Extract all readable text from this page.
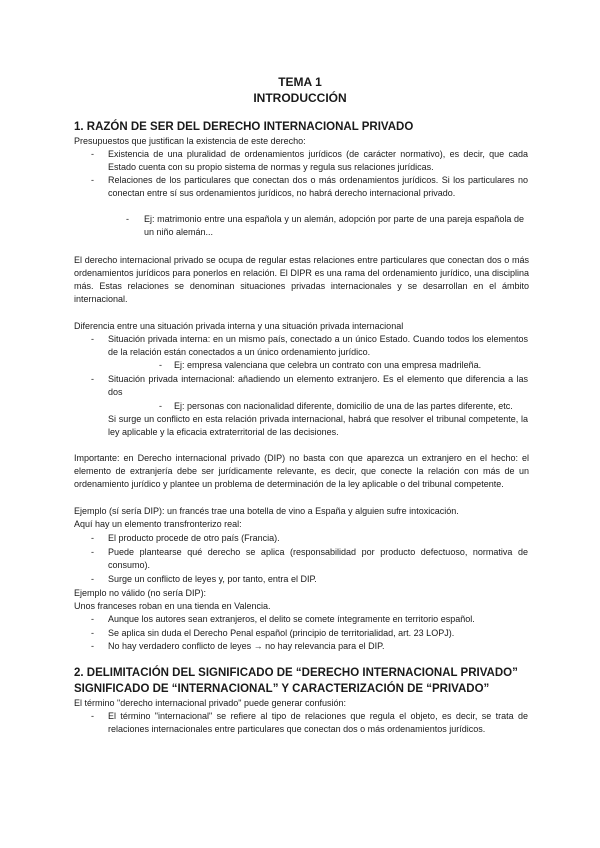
TEMA 1
INTRODUCCIÓN
1. RAZÓN DE SER DEL DERECHO INTERNACIONAL PRIVADO
Presupuestos que justifican la existencia de este derecho:
- Existencia de una pluralidad de ordenamientos jurídicos (de carácter normativo), es decir, que cada Estado cuenta con su propio sistema de normas y regula sus relaciones jurídicas.
- Relaciones de los particulares que conectan dos o más ordenamientos jurídicos. Si los particulares no conectan entre sí sus ordenamientos jurídicos, no habrá derecho internacional privado.
- Ej: matrimonio entre una española y un alemán, adopción por parte de una pareja española de un niño alemán...
El derecho internacional privado se ocupa de regular estas relaciones entre particulares que conectan dos o más ordenamientos jurídicos para ponerlos en relación. El DIPR es una rama del ordenamiento jurídico, una disciplina más. Estas relaciones se denominan situaciones privadas internacionales y se desarrollan en el ámbito internacional.
Diferencia entre una situación privada interna y una situación privada internacional
- Situación privada interna: en un mismo país, conectado a un único Estado. Cuando todos los elementos de la relación están conectados a un único ordenamiento jurídico.
- Ej: empresa valenciana que celebra un contrato con una empresa madrileña.
- Situación privada internacional: añadiendo un elemento extranjero. Es el elemento que diferencia a las dos
- Ej: personas con nacionalidad diferente, domicilio de una de las partes diferente, etc.
Si surge un conflicto en esta relación privada internacional, habrá que resolver el tribunal competente, la ley aplicable y la eficacia extraterritorial de las decisiones.
Importante: en Derecho internacional privado (DIP) no basta con que aparezca un extranjero en el hecho: el elemento de extranjería debe ser jurídicamente relevante, es decir, que conecte la relación con más de un ordenamiento jurídico y plantee un problema de determinación de la ley aplicable o del tribunal competente.
Ejemplo (sí sería DIP): un francés trae una botella de vino a España y alguien sufre intoxicación.
Aquí hay un elemento transfronterizo real:
- El producto procede de otro país (Francia).
- Puede plantearse qué derecho se aplica (responsabilidad por producto defectuoso, normativa de consumo).
- Surge un conflicto de leyes y, por tanto, entra el DIP.
Ejemplo no válido (no sería DIP):
Unos franceses roban en una tienda en Valencia.
- Aunque los autores sean extranjeros, el delito se comete íntegramente en territorio español.
- Se aplica sin duda el Derecho Penal español (principio de territorialidad, art. 23 LOPJ).
- No hay verdadero conflicto de leyes → no hay relevancia para el DIP.
2. DELIMITACIÓN DEL SIGNIFICADO DE “DERECHO INTERNACIONAL PRIVADO”
SIGNIFICADO DE “INTERNACIONAL” Y CARACTERIZACIÓN DE “PRIVADO”
El término "derecho internacional privado" puede generar confusión:
- El término "internacional" se refiere al tipo de relaciones que regula el objeto, es decir, se trata de relaciones internacionales entre particulares que conectan dos o más ordenamientos jurídicos.
